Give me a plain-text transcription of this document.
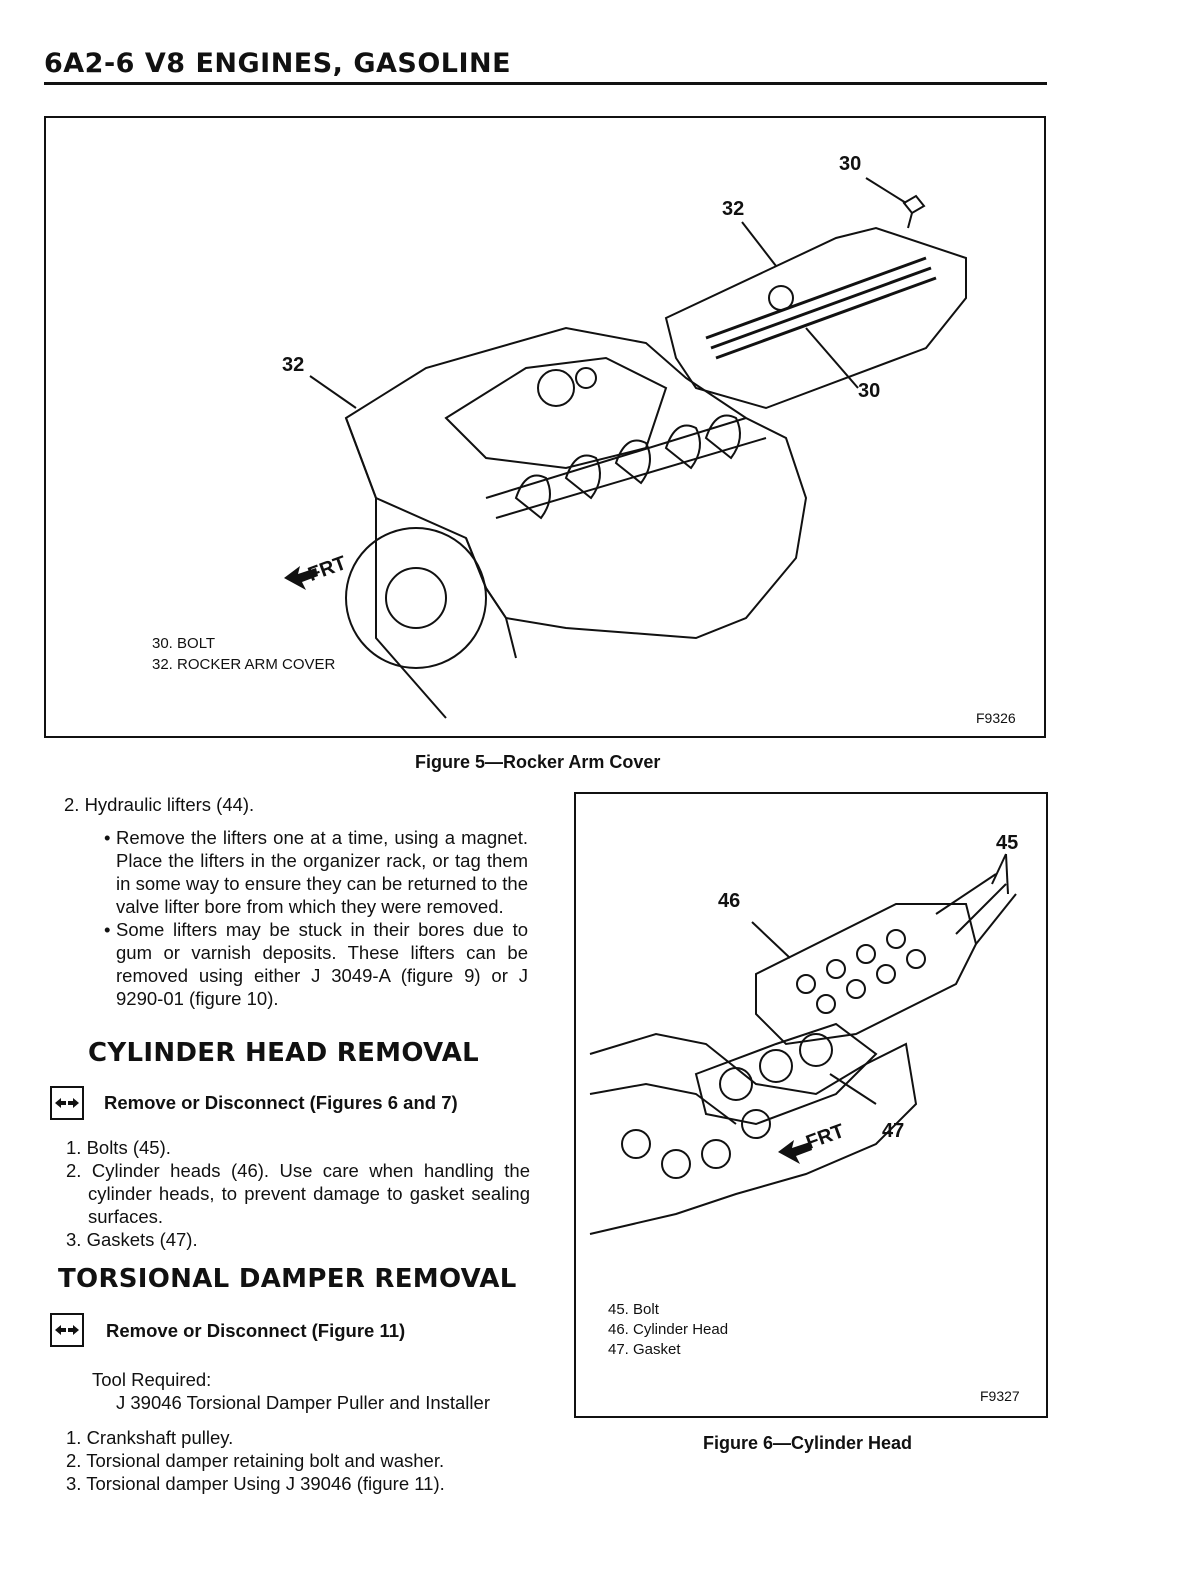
6A2-6 V8 ENGINES, GASOLINE
30
32
32
30
FRT
30. BOLT
32. ROCKER ARM COVER
F9326
Figure 5—Rocker Arm Cover
2. Hydraulic lifters (44).
• Remove the lifters one at a time, using a magnet. Place the lifters in the organizer rack, or tag them in some way to ensure they can be returned to the valve lifter bore from which they were removed.
• Some lifters may be stuck in their bores due to gum or varnish deposits. These lifters can be removed using either J 3049-A (figure 9) or J 9290-01 (figure 10).
CYLINDER HEAD REMOVAL
Remove or Disconnect (Figures 6 and 7)
1. Bolts (45).
2. Cylinder heads (46). Use care when handling the cylinder heads, to prevent damage to gasket sealing surfaces.
3. Gaskets (47).
TORSIONAL DAMPER REMOVAL
Remove or Disconnect (Figure 11)
Tool Required:
J 39046 Torsional Damper Puller and Installer
1. Crankshaft pulley.
2. Torsional damper retaining bolt and washer.
3. Torsional damper Using J 39046 (figure 11).
45
46
47
FRT
45. Bolt
46. Cylinder Head
47. Gasket
F9327
Figure 6—Cylinder Head
